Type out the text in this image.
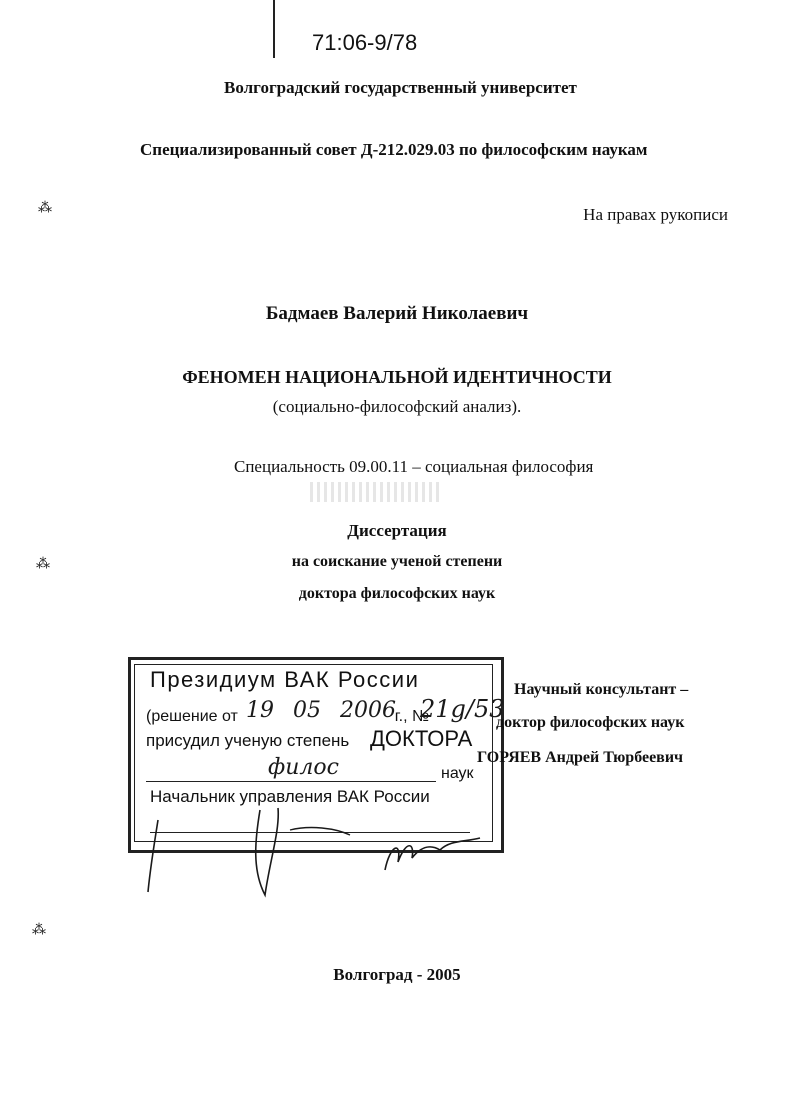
71:06-9/78
Волгоградский государственный университет
Специализированный совет Д-212.029.03 по философским наукам
На правах рукописи
Бадмаев Валерий Николаевич
ФЕНОМЕН НАЦИОНАЛЬНОЙ ИДЕНТИЧНОСТИ
(социально-философский анализ).
Специальность 09.00.11 – социальная философия
Диссертация
на соискание ученой степени
доктора философских наук
Президиум ВАК России
(решение от	г., №
19 05 2006 21g/53
присудил ученую степень ДОКТОРА
филос	наук
Начальник управления ВАК России
Научный консультант –
доктор философских наук
ГОРЯЕВ Андрей Тюрбеевич
Волгоград - 2005
⁂
⁂
⁂
